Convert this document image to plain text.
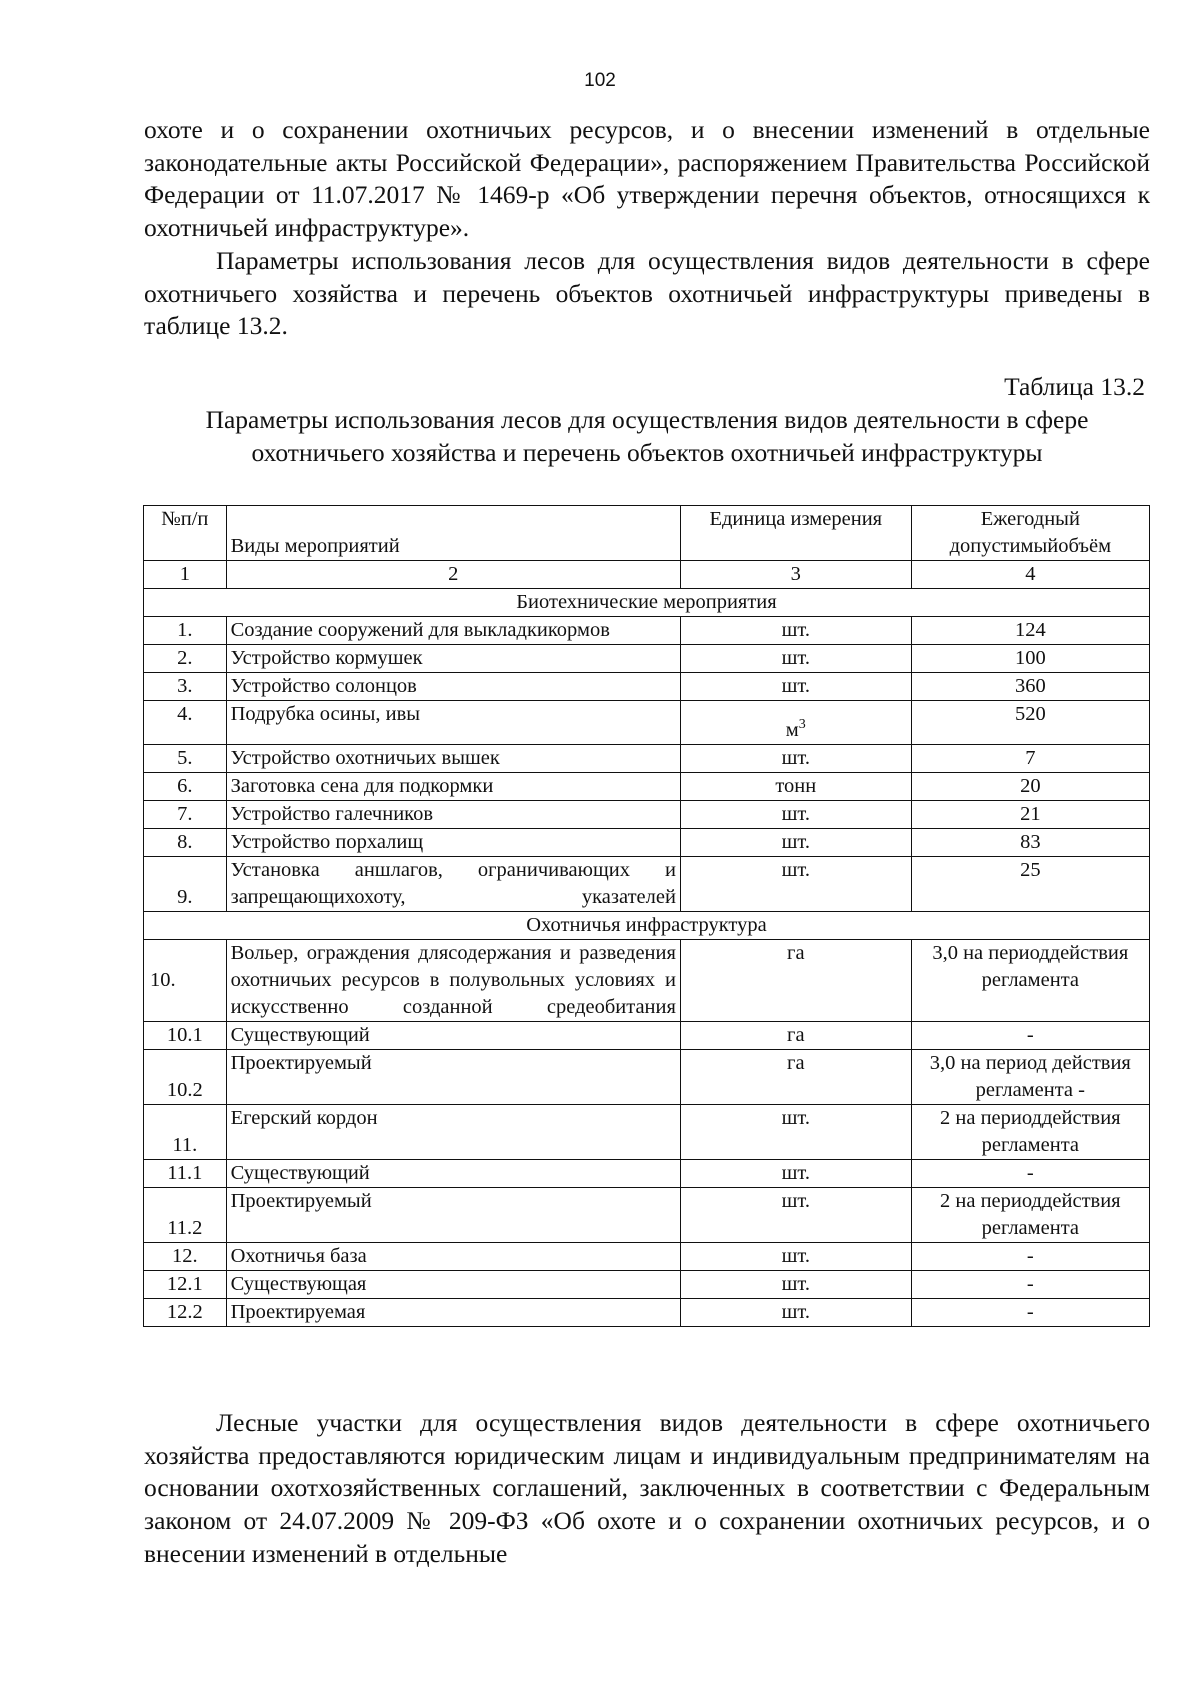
102

охоте и о сохранении охотничьих ресурсов, и о внесении изменений в отдельные законодательные акты Российской Федерации», распоряжением Правительства Российской Федерации от 11.07.2017 № 1469-р «Об утверждении перечня объектов, относящихся к охотничьей инфраструктуре».

Параметры использования лесов для осуществления видов деятельности в сфере охотничьего хозяйства и перечень объектов охотничьей инфраструктуры приведены в таблице 13.2.

Таблица 13.2
Параметры использования лесов для осуществления видов деятельности в сфере охотничьего хозяйства и перечень объектов охотничьей инфраструктуры
№п/п	Виды мероприятий	Единица измерения	Ежегодный допустимыйобъём
1	2	3	4
Биотехнические мероприятия			
1.	Создание сооружений для выкладкикормов	шт.	124
2.	Устройство кормушек	шт.	100
3.	Устройство солонцов	шт.	360
4.	Подрубка осины, ивы	$м^3$	520
5.	Устройство охотничьих вышек	шт.	7
6.	Заготовка сена для подкормки	тонн	20
7.	Устройство галечников	шт.	21
8.	Устройство порхалищ	шт.	83
9.	Установка аншлагов, ограничивающих и запрещающихохоту, указателей	шт.	25
Охотничья инфраструктура			
10.	Вольер, ограждения длясодержания и разведения охотничьих ресурсов в полувольных условиях и искусственно созданной средеобитания	га	3,0 на периоддействия регламента
10.1	Существующий	га	-
10.2	Проектируемый	га	3,0 на период действия регламента -
11.	Егерский кордон	шт.	2 на периоддействия регламента
11.1	Существующий	шт.	-
11.2	Проектируемый	шт.	2 на периоддействия регламента
12.	Охотничья база	шт.	-
12.1	Существующая	шт.	-
12.2	Проектируемая	шт.	-

Лесные участки для осуществления видов деятельности в сфере охотничьего хозяйства предоставляются юридическим лицам и индивидуальным предпринимателям на основании охотхозяйственных соглашений, заключенных в соответствии с Федеральным законом от 24.07.2009 № 209-ФЗ «Об охоте и о сохранении охотничьих ресурсов, и о внесении изменений в отдельные
